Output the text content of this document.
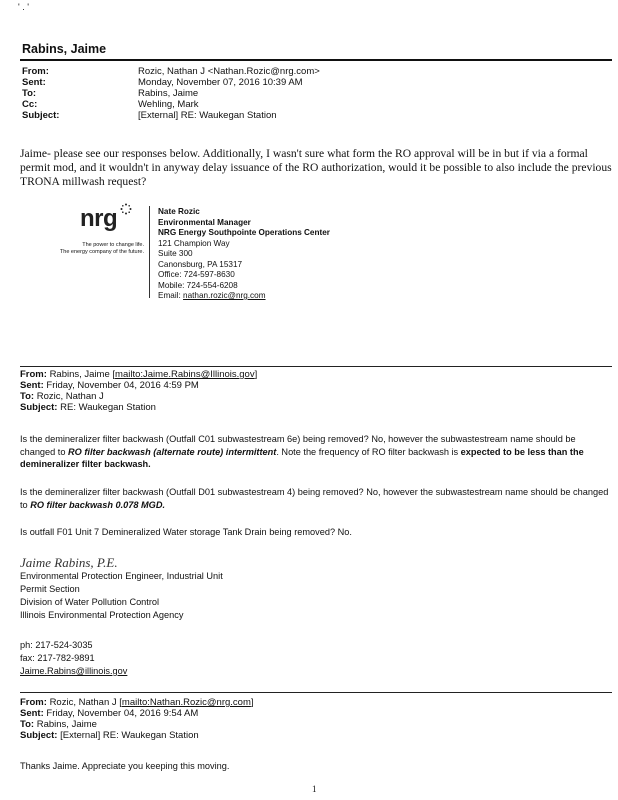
' . '
Rabins, Jaime
From:	Rozic, Nathan J <Nathan.Rozic@nrg.com>
Sent:	Monday, November 07, 2016 10:39 AM
To:	Rabins, Jaime
Cc:	Wehling, Mark
Subject:	[External] RE: Waukegan Station
Jaime- please see our responses below. Additionally, I wasn't sure what form the RO approval will be in but if via a formal permit mod, and it wouldn't in anyway delay issuance of the RO authorization, would it be possible to also include the previous TRONA millwash request?
nrg
The power to change life.
The energy company of the future.
Nate Rozic
Environmental Manager
NRG Energy Southpointe Operations Center
121 Champion Way
Suite 300
Canonsburg, PA 15317
Office: 724-597-8630
Mobile: 724-554-6208
Email: nathan.rozic@nrg.com
From: Rabins, Jaime [mailto:Jaime.Rabins@Illinois.gov]
Sent: Friday, November 04, 2016 4:59 PM
To: Rozic, Nathan J
Subject: RE: Waukegan Station
Is the demineralizer filter backwash (Outfall C01 subwastestream 6e) being removed? No, however the subwastestream name should be changed to RO filter backwash (alternate route) intermittent. Note the frequency of RO filter backwash is expected to be less than the demineralizer filter backwash.
Is the demineralizer filter backwash (Outfall D01 subwastestream 4) being removed? No, however the subwastestream name should be changed to RO filter backwash 0.078 MGD.
Is outfall F01 Unit 7 Demineralized Water storage Tank Drain being removed? No.
Jaime Rabins, P.E.
Environmental Protection Engineer, Industrial Unit
Permit Section
Division of Water Pollution Control
Illinois Environmental Protection Agency
ph: 217-524-3035
fax: 217-782-9891
Jaime.Rabins@illinois.gov
From: Rozic, Nathan J [mailto:Nathan.Rozic@nrg.com]
Sent: Friday, November 04, 2016 9:54 AM
To: Rabins, Jaime
Subject: [External] RE: Waukegan Station
Thanks Jaime. Appreciate you keeping this moving.
1
